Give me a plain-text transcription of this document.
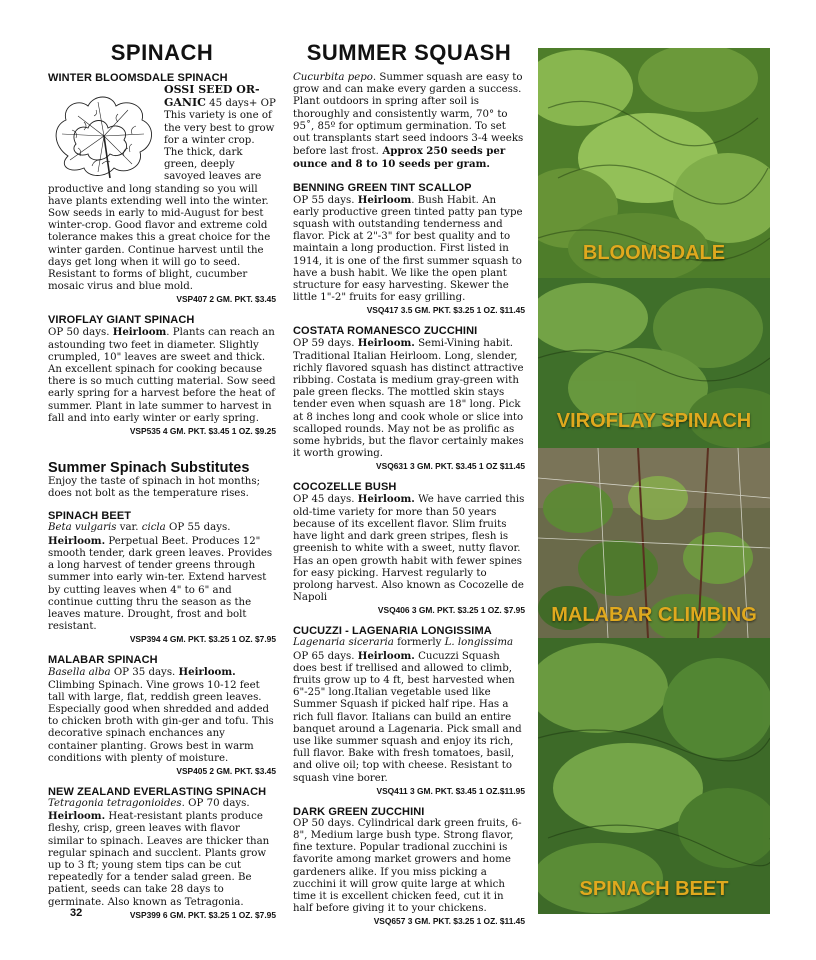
SPINACH
WINTER BLOOMSDALE SPINACH

OSSI SEED OR-
GANIC 45 days+ OP This variety is one of the very best to grow for a winter crop. The thick, dark green, deeply savoyed leaves are productive and long standing so you will have plants extending well into the winter. Sow seeds in early to mid-August for best winter-crop. Good flavor and extreme cold tolerance makes this a great choice for the winter garden. Continue harvest until the days get long when it will go to seed. Resistant to forms of blight, cucumber mosaic virus and blue mold.

VSP407 2 GM. PKT. $3.45
VIROFLAY GIANT SPINACH

OP 50 days. Heirloom. Plants can reach an astounding two feet in diameter. Slightly crumpled, 10" leaves are sweet and thick. An excellent spinach for cooking because there is so much cutting material. Sow seed early spring for a harvest before the heat of summer. Plant in late summer to harvest in fall and into early winter or early spring.

VSP535 4 GM. PKT. $3.45 1 OZ. $9.25
Summer Spinach Substitutes

Enjoy the taste of spinach in hot months; does not bolt as the temperature rises.

SPINACH BEET

Beta vulgaris var. cicla OP 55 days. Heirloom. Perpetual Beet. Produces 12" smooth tender, dark green leaves. Provides a long harvest of tender greens through summer into early win-ter. Extend harvest by cutting leaves when 4" to 6" and continue cutting thru the season as the leaves mature. Drought, frost and bolt resistant.

VSP394 4 GM. PKT. $3.25 1 OZ. $7.95
MALABAR SPINACH

Basella alba OP 35 days. Heirloom. Climbing Spinach. Vine grows 10-12 feet tall with large, flat, reddish green leaves. Especially good when shredded and added to chicken broth with gin-ger and tofu. This decorative spinach enchances any container planting. Grows best in warm conditions with plenty of moisture.

VSP405 2 GM. PKT. $3.45
NEW ZEALAND EVERLASTING SPINACH

Tetragonia tetragonioides. OP 70 days. Heirloom. Heat-resistant plants produce fleshy, crisp, green leaves with flavor similar to spinach. Leaves are thicker than regular spinach and succlent. Plants grow up to 3 ft; young stem tips can be cut repeatedly for a tender salad green. Be patient, seeds can take 28 days to germinate. Also known as Tetragonia.

VSP399 6 GM. PKT. $3.25 1 OZ. $7.95
SUMMER SQUASH

Cucurbita pepo. Summer squash are easy to grow and can make every garden a success. Plant outdoors in spring after soil is thoroughly and consistently warm, 70° to 95˚, 85º for optimum germination. To set out transplants start seed indoors 3-4 weeks before last frost. Approx 250 seeds per ounce and 8 to 10 seeds per gram.

BENNING GREEN TINT SCALLOP

OP 55 days. Heirloom. Bush Habit. An early productive green tinted patty pan type squash with outstanding tenderness and flavor. Pick at 2"-3" for best quality and to maintain a long production. First listed in 1914, it is one of the first summer squash to have a bush habit. We like the open plant structure for easy harvesting. Skewer the little 1"-2" fruits for easy grilling.

VSQ417 3.5 GM. PKT. $3.25 1 OZ. $11.45
COSTATA ROMANESCO ZUCCHINI

OP 59 days. Heirloom. Semi-Vining habit. Traditional Italian Heirloom. Long, slender, richly flavored squash has distinct attractive ribbing. Costata is medium gray-green with pale green flecks. The mottled skin stays tender even when squash are 18" long. Pick at 8 inches long and cook whole or slice into scalloped rounds. May not be as prolific as some hybrids, but the flavor certainly makes it worth growing.

VSQ631 3 GM. PKT. $3.45 1 OZ $11.45
COCOZELLE BUSH

OP 45 days. Heirloom. We have carried this old-time variety for more than 50 years because of its excellent flavor. Slim fruits have light and dark green stripes, flesh is greenish to white with a sweet, nutty flavor. Has an open growth habit with fewer spines for easy picking. Harvest regularly to prolong harvest. Also known as Cocozelle de Napoli

VSQ406 3 GM. PKT. $3.25 1 OZ. $7.95
CUCUZZI - LAGENARIA LONGISSIMA

Lagenaria siceraria formerly L. longissima OP 65 days. Heirloom. Cucuzzi Squash does best if trellised and allowed to climb, fruits grow up to 4 ft, best harvested when 6"-25" long.Italian vegetable used like Summer Squash if picked half ripe. Has a rich full flavor. Italians can build an entire banquet around a Lagenaria. Pick small and use like summer squash and enjoy its rich, full flavor. Bake with fresh tomatoes, basil, and olive oil; top with cheese. Resistant to squash vine borer.

VSQ411 3 GM. PKT. $3.45 1 OZ.$11.95
DARK GREEN ZUCCHINI

OP 50 days. Cylindrical dark green fruits, 6-8", Medium large bush type. Strong flavor, fine texture. Popular tradional zucchini is favorite among market growers and home gardeners alike. If you miss picking a zucchini it will grow quite large at which time it is excellent chicken feed, cut it in half before giving it to your chickens.

VSQ657 3 GM. PKT. $3.25 1 OZ. $11.45
BLOOMSDALE
VIROFLAY SPINACH
MALABAR CLIMBING
SPINACH BEET
32
